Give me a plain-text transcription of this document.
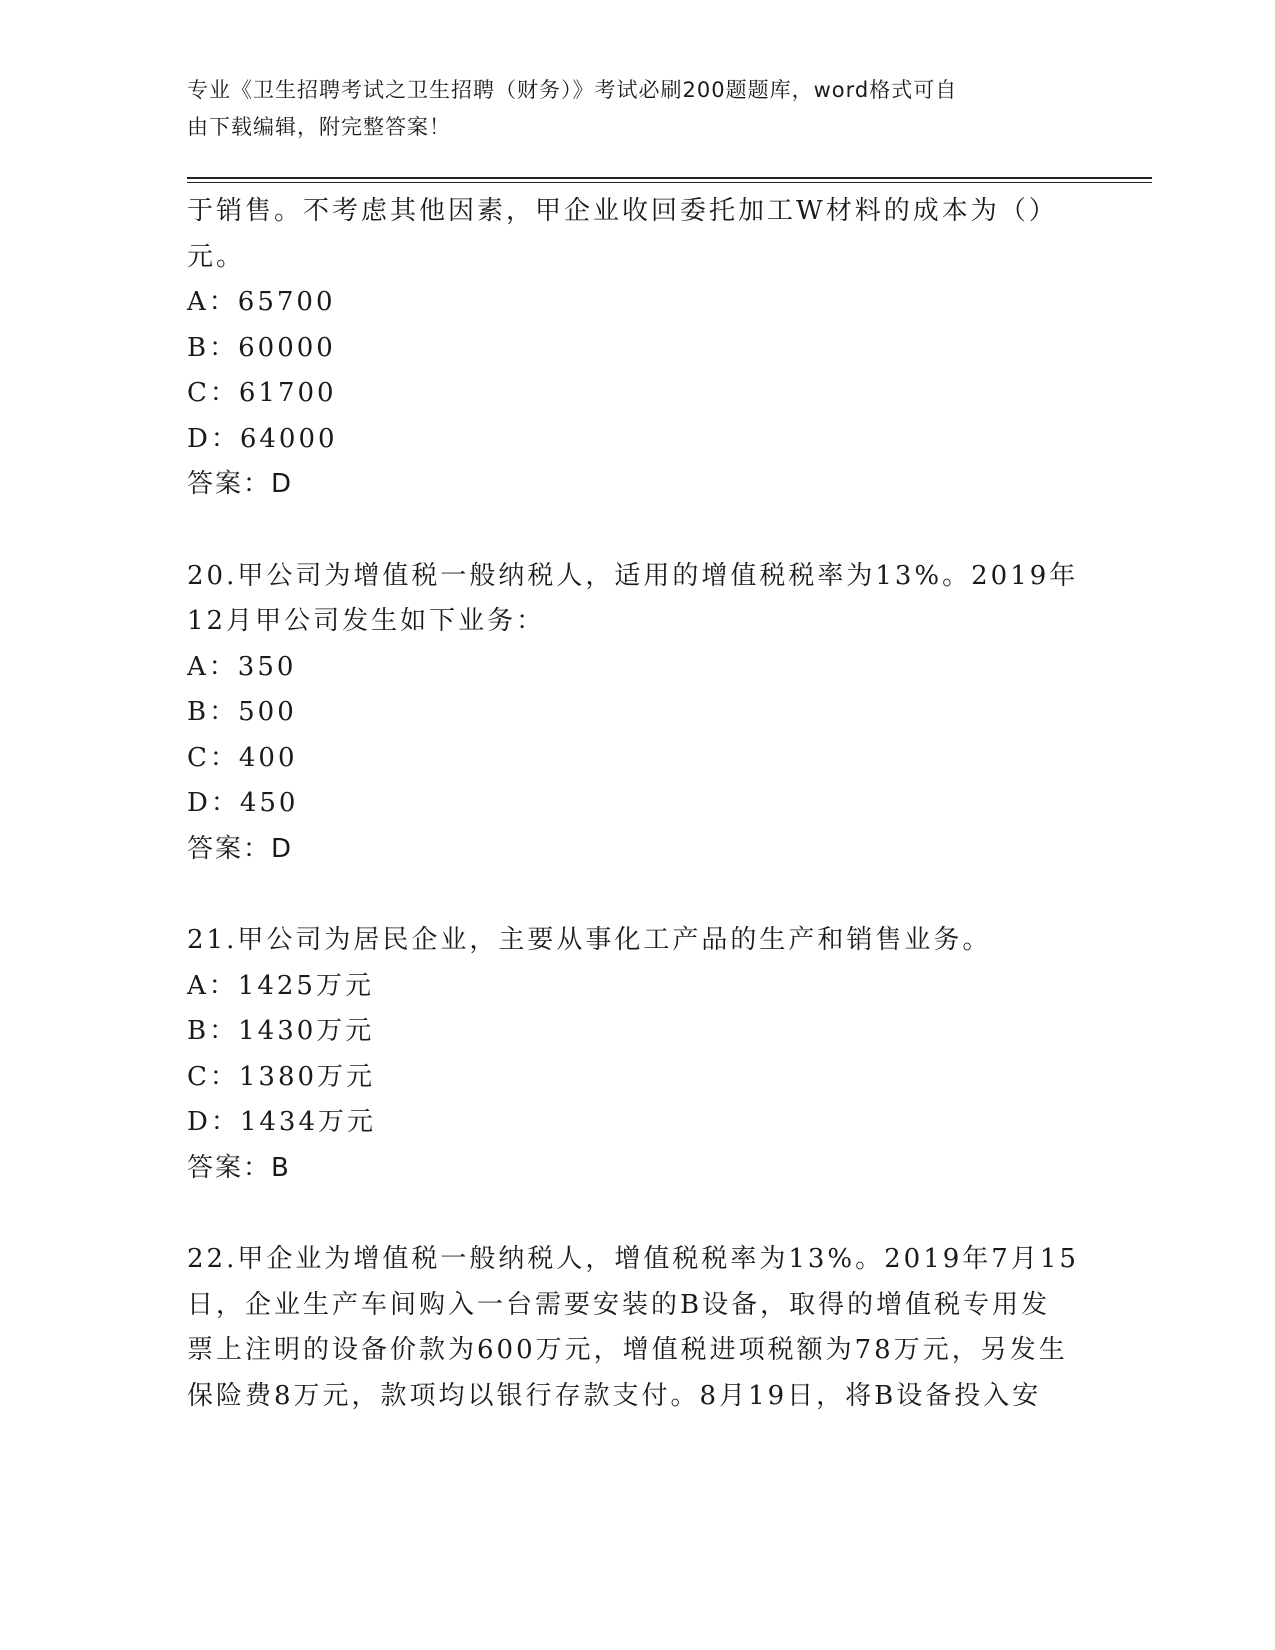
专业《卫生招聘考试之卫生招聘（财务）》考试必刷200题题库，word格式可自
由下载编辑，附完整答案！
于销售。不考虑其他因素，甲企业收回委托加工W材料的成本为（）
元。
A：65700
B：60000
C：61700
D：64000
答案：D
20.甲公司为增值税一般纳税人，适用的增值税税率为13%。2019年
12月甲公司发生如下业务：
A：350
B：500
C：400
D：450
答案：D
21.甲公司为居民企业，主要从事化工产品的生产和销售业务。
A：1425万元
B：1430万元
C：1380万元
D：1434万元
答案：B
22.甲企业为增值税一般纳税人，增值税税率为13%。2019年7月15
日，企业生产车间购入一台需要安装的B设备，取得的增值税专用发
票上注明的设备价款为600万元，增值税进项税额为78万元，另发生
保险费8万元，款项均以银行存款支付。8月19日，将B设备投入安
